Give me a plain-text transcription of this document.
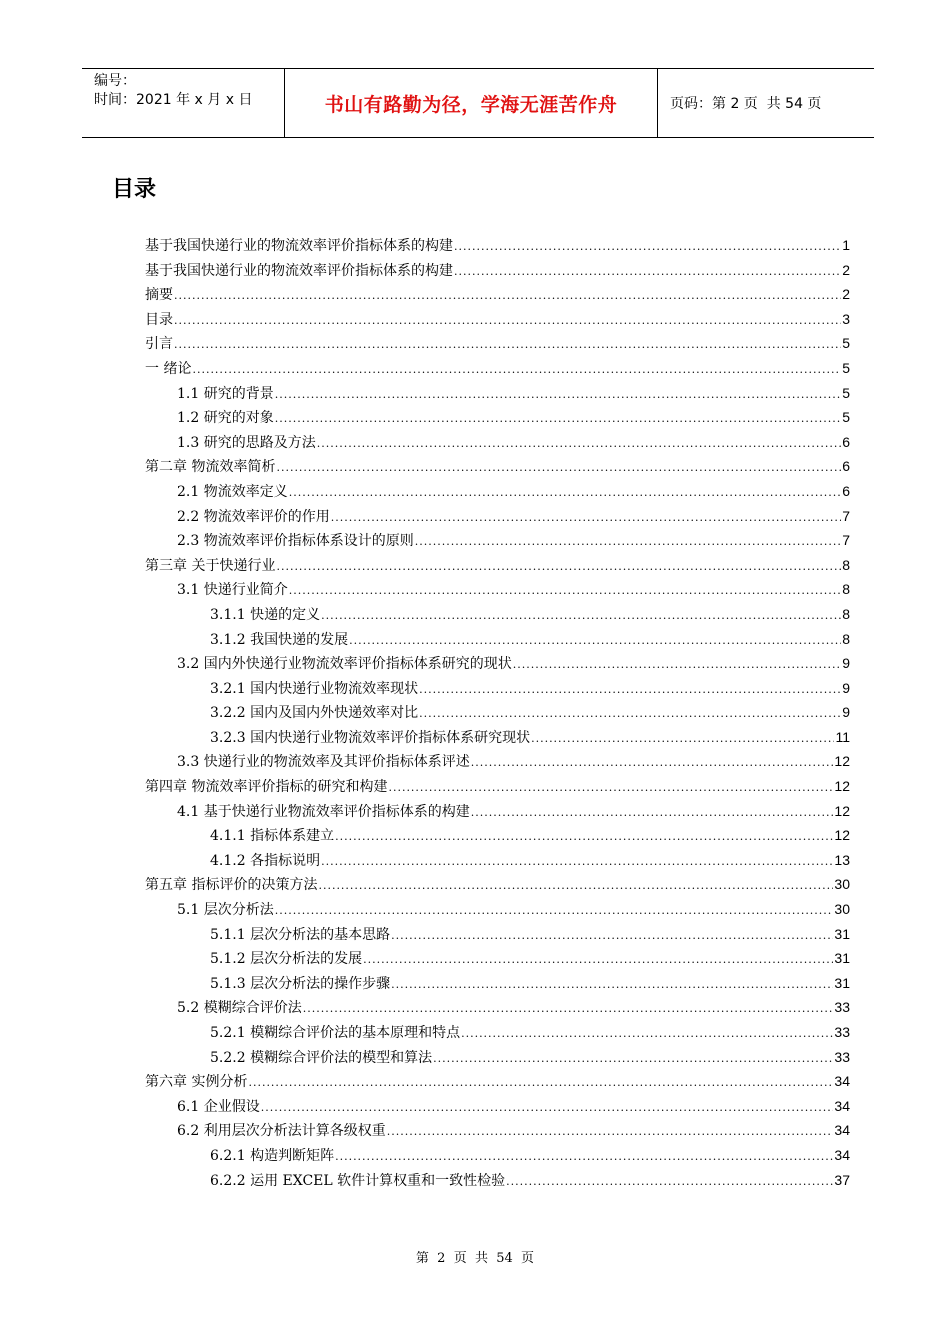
编号：
时间：2021 年 x 月 x 日	书山有路勤为径，学海无涯苦作舟	页码：第 2 页  共 54 页
目录
基于我国快递行业的物流效率评价指标体系的构建 .....	1
基于我国快递行业的物流效率评价指标体系的构建 .....	2
摘要 .....	2
目录 .....	3
引言 .....	5
一 绪论 .....	5
1.1 研究的背景 .....	5
1.2 研究的对象 .....	5
1.3 研究的思路及方法 .....	6
第二章 物流效率简析 .....	6
2.1 物流效率定义 .....	6
2.2 物流效率评价的作用 .....	7
2.3 物流效率评价指标体系设计的原则 .....	7
第三章 关于快递行业 .....	8
3.1 快递行业简介 .....	8
3.1.1 快递的定义 .....	8
3.1.2 我国快递的发展 .....	8
3.2 国内外快递行业物流效率评价指标体系研究的现状 .....	9
3.2.1 国内快递行业物流效率现状 .....	9
3.2.2 国内及国内外快递效率对比 .....	9
3.2.3 国内快递行业物流效率评价指标体系研究现状 .....	11
3.3 快递行业的物流效率及其评价指标体系评述 .....	12
第四章 物流效率评价指标的研究和构建 .....	12
4.1 基于快递行业物流效率评价指标体系的构建 .....	12
4.1.1 指标体系建立 .....	12
4.1.2 各指标说明 .....	13
第五章 指标评价的决策方法 .....	30
5.1 层次分析法 .....	30
5.1.1 层次分析法的基本思路 .....	31
5.1.2 层次分析法的发展 .....	31
5.1.3 层次分析法的操作步骤 .....	31
5.2 模糊综合评价法 .....	33
5.2.1 模糊综合评价法的基本原理和特点 .....	33
5.2.2 模糊综合评价法的模型和算法 .....	33
第六章 实例分析 .....	34
6.1 企业假设 .....	34
6.2 利用层次分析法计算各级权重 .....	34
6.2.1 构造判断矩阵 .....	34
6.2.2 运用 EXCEL 软件计算权重和一致性检验 .....	37
第  2  页  共  54  页
